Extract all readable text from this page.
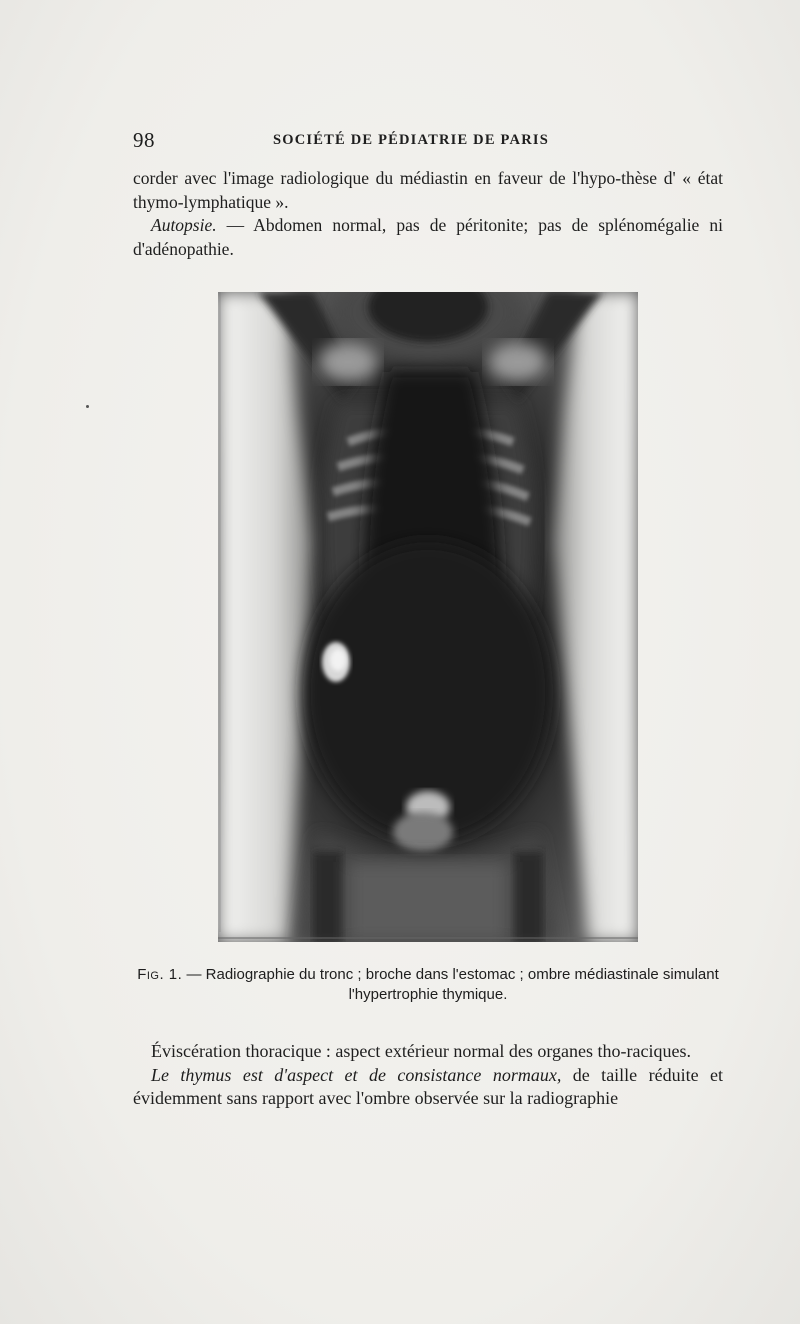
98	SOCIÉTÉ DE PÉDIATRIE DE PARIS

corder avec l'image radiologique du médiastin en faveur de l'hypo-thèse d' « état thymo-lymphatique ».

Autopsie. — Abdomen normal, pas de péritonite; pas de splénomégalie ni d'adénopathie.

Fig. 1. — Radiographie du tronc ; broche dans l'estomac ; ombre médiastinale simulant l'hypertrophie thymique.

Éviscération thoracique : aspect extérieur normal des organes tho-raciques.

Le thymus est d'aspect et de consistance normaux, de taille réduite et évidemment sans rapport avec l'ombre observée sur la radiographie
